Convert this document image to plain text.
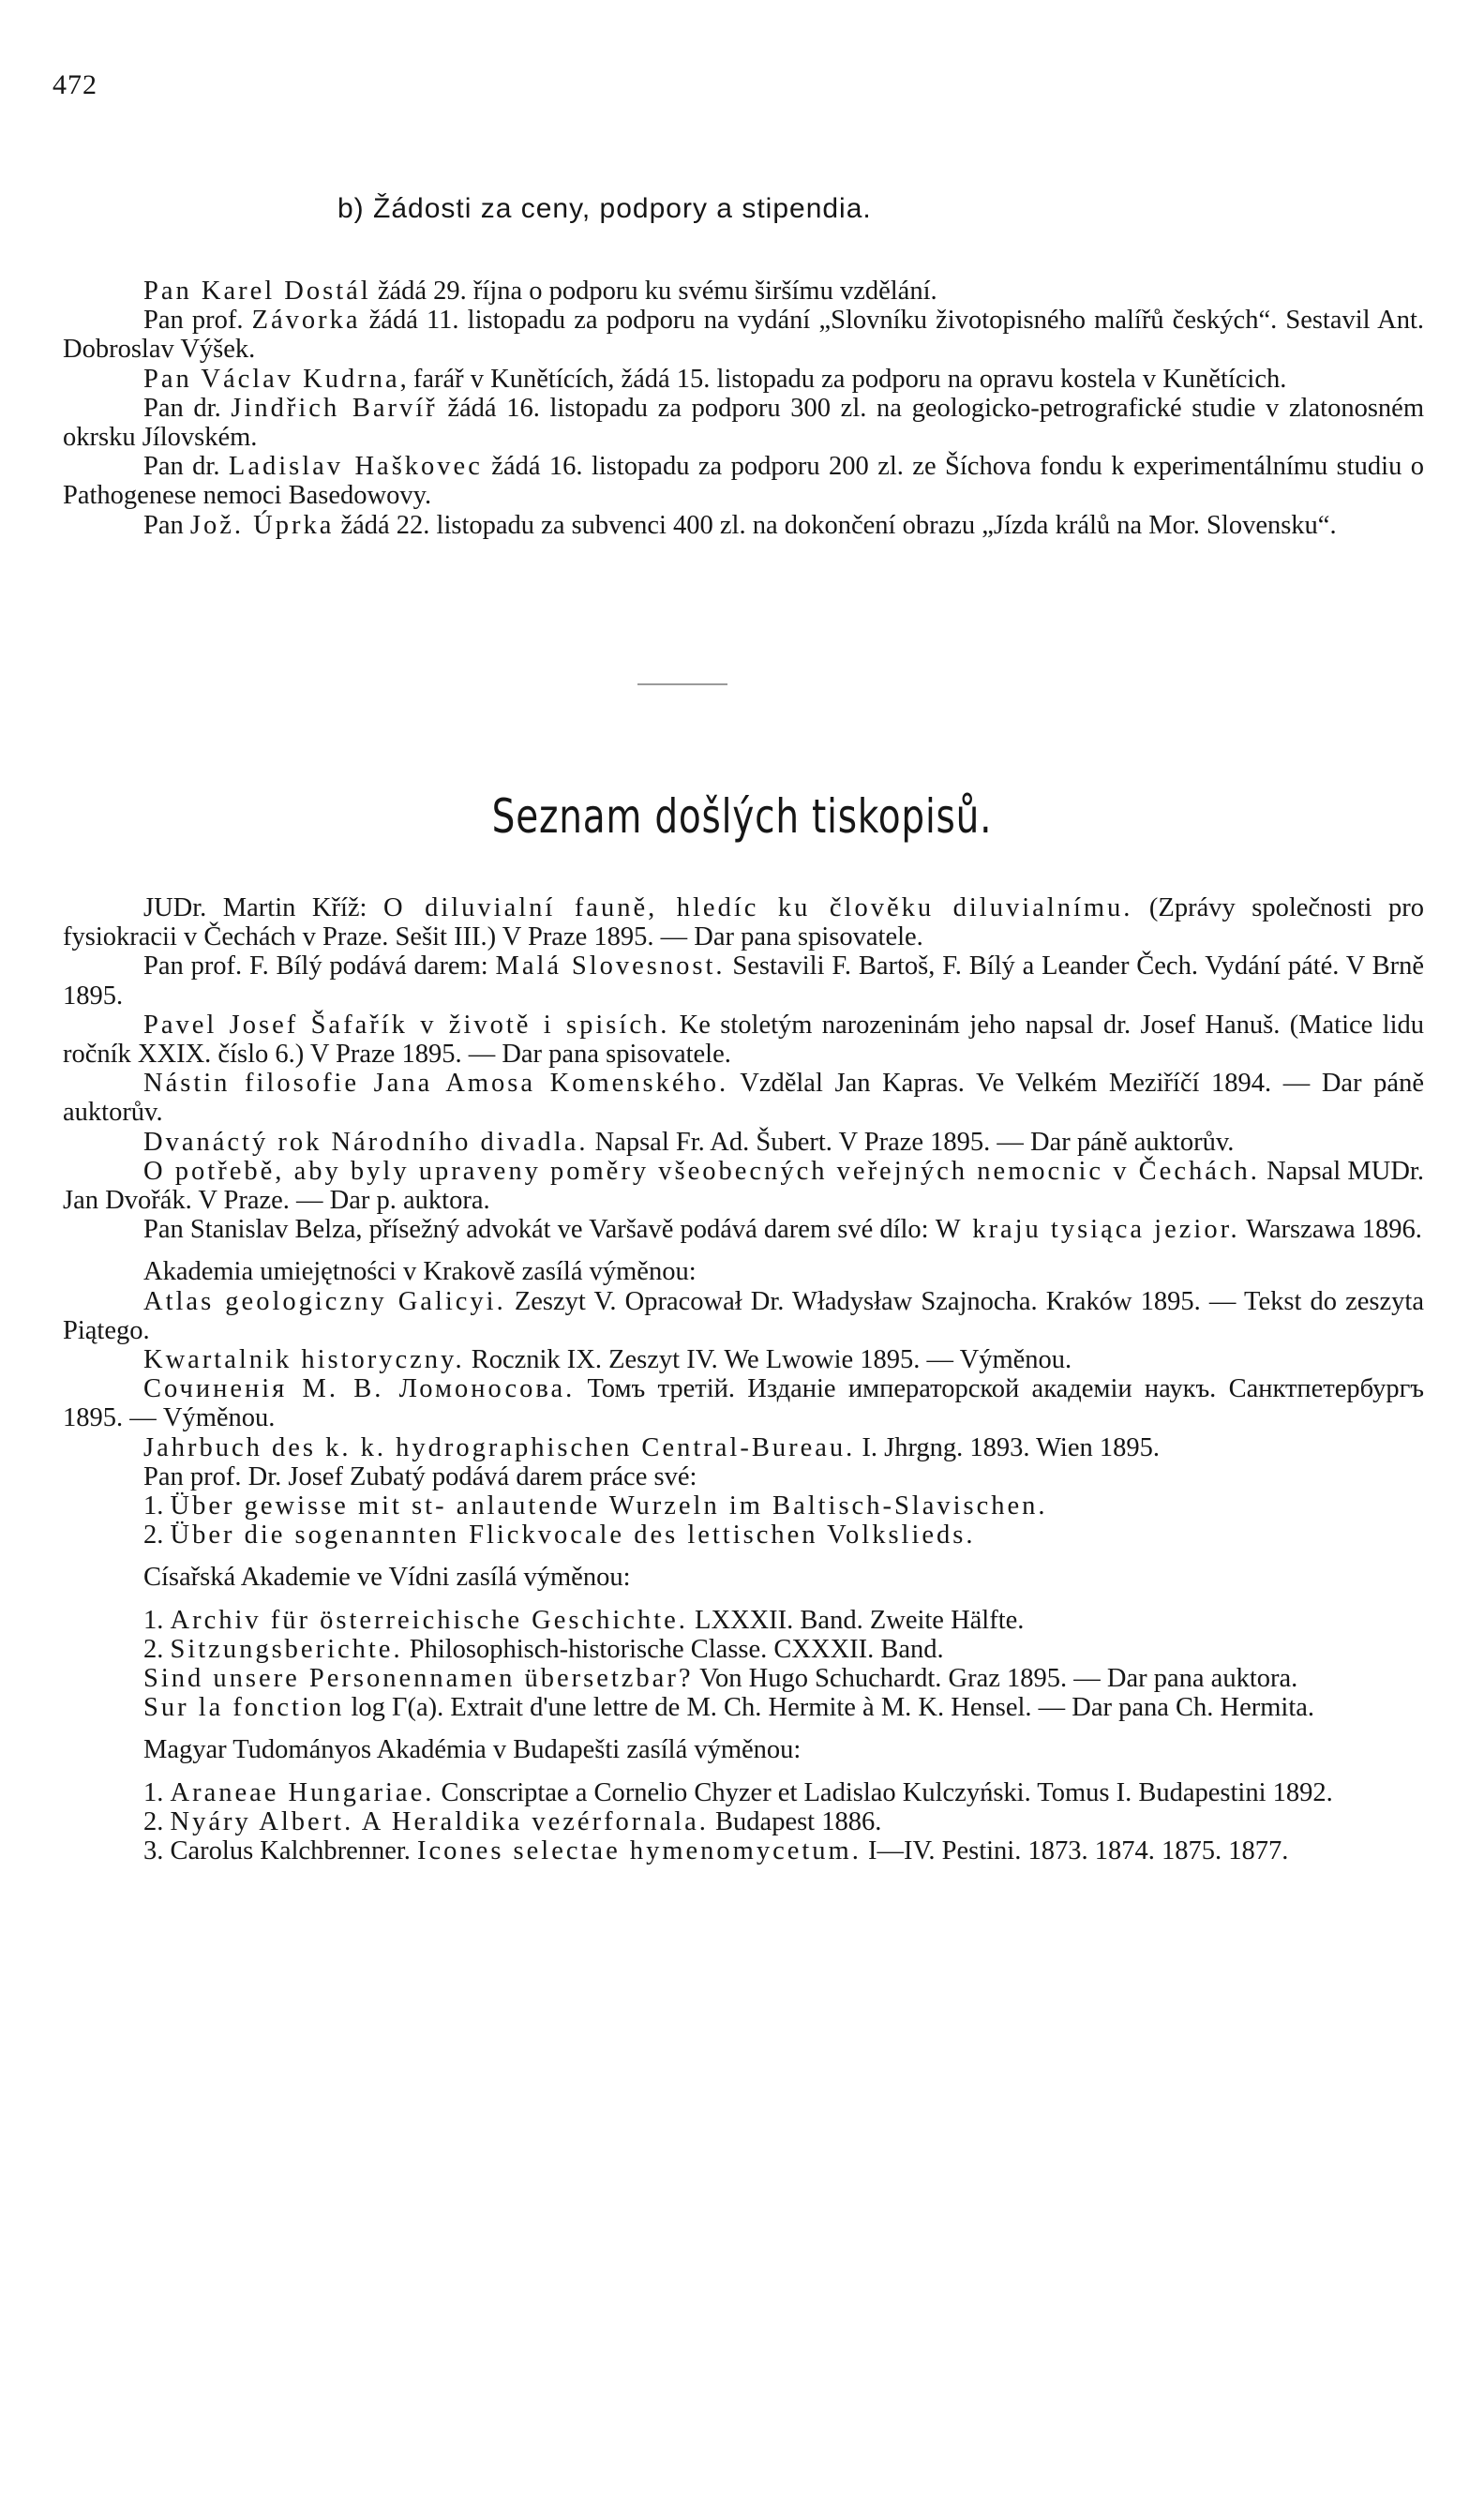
472
b) Žádosti za ceny, podpory a stipendia.

Pan Karel Dostál žádá 29. října o podporu ku svému širšímu vzdělání.

Pan prof. Závorka žádá 11. listopadu za podporu na vydání „Slovníku životopisného malířů českých“. Sestavil Ant. Dobroslav Výšek.

Pan Václav Kudrna, farář v Kunětících, žádá 15. listopadu za podporu na opravu kostela v Kunětícich.

Pan dr. Jindřich Barvíř žádá 16. listopadu za podporu 300 zl. na geologicko-petrografické studie v zlatonosném okrsku Jílovském.

Pan dr. Ladislav Haškovec žádá 16. listopadu za podporu 200 zl. ze Šíchova fondu k experimentálnímu studiu o Pathogenese nemoci Basedowovy.

Pan Jož. Úprka žádá 22. listopadu za subvenci 400 zl. na dokončení obrazu „Jízda králů na Mor. Slovensku“.

Seznam došlých tiskopisů.

JUDr. Martin Kříž: O diluvialní fauně, hledíc ku člověku diluvialnímu. (Zprávy společnosti pro fysiokracii v Čechách v Praze. Sešit III.) V Praze 1895. — Dar pana spisovatele.

Pan prof. F. Bílý podává darem: Malá Slovesnost. Sestavili F. Bartoš, F. Bílý a Leander Čech. Vydání páté. V Brně 1895.

Pavel Josef Šafařík v životě i spisích. Ke stoletým narozeninám jeho napsal dr. Josef Hanuš. (Matice lidu ročník XXIX. číslo 6.) V Praze 1895. — Dar pana spisovatele.

Nástin filosofie Jana Amosa Komenského. Vzdělal Jan Kapras. Ve Velkém Meziříčí 1894. — Dar páně auktorův.

Dvanáctý rok Národního divadla. Napsal Fr. Ad. Šubert. V Praze 1895. — Dar páně auktorův.

O potřebě, aby byly upraveny poměry všeobecných veřejných nemocnic v Čechách. Napsal MUDr. Jan Dvořák. V Praze. — Dar p. auktora.

Pan Stanislav Belza, přísežný advokát ve Varšavě podává darem své dílo: W kraju tysiąca jezior. Warszawa 1896.

Akademia umiejętności v Krakově zasílá výměnou:

Atlas geologiczny Galicyi. Zeszyt V. Opracował Dr. Władysław Szajnocha. Kraków 1895. — Tekst do zeszyta Piątego.

Kwartalnik historyczny. Rocznik IX. Zeszyt IV. We Lwowie 1895. — Výměnou.

Сочиненія М. В. Ломоносова. Томъ третій. Изданіе императорской академіи наукъ. Санктпетербургъ 1895. — Výměnou.

Jahrbuch des k. k. hydrographischen Central-Bureau. I. Jhrgng. 1893. Wien 1895.

Pan prof. Dr. Josef Zubatý podává darem práce své:

1. Über gewisse mit st- anlautende Wurzeln im Baltisch-Slavischen.

2. Über die sogenannten Flickvocale des lettischen Volkslieds.

Císařská Akademie ve Vídni zasílá výměnou:

1. Archiv für österreichische Geschichte. LXXXII. Band. Zweite Hälfte.

2. Sitzungsberichte. Philosophisch-historische Classe. CXXXII. Band.

Sind unsere Personennamen übersetzbar? Von Hugo Schuchardt. Graz 1895. — Dar pana auktora.

Sur la fonction log Γ(a). Extrait d'une lettre de M. Ch. Hermite à M. K. Hensel. — Dar pana Ch. Hermita.

Magyar Tudományos Akadémia v Budapešti zasílá výměnou:

1. Araneae Hungariae. Conscriptae a Cornelio Chyzer et Ladislao Kulczyński. Tomus I. Budapestini 1892.

2. Nyáry Albert. A Heraldika vezérfornala. Budapest 1886.

3. Carolus Kalchbrenner. Icones selectae hymenomycetum. I—IV. Pestini. 1873. 1874. 1875. 1877.
